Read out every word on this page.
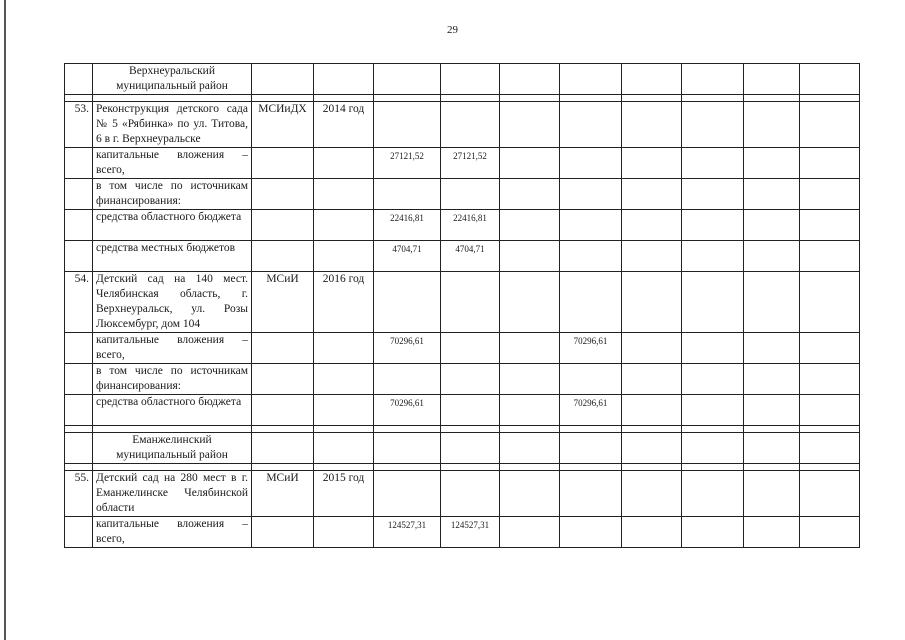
29
	Верхнеуральский муниципальный район										

53.	Реконструкция детского сада № 5 «Рябинка» по ул. Титова, 6 в г. Верхнеуральске	МСИиДХ	2014 год								
	капитальные вложения – всего,			27121,52	27121,52						
	в том числе по источникам финансирования:										
	средства областного бюджета			22416,81	22416,81						
	средства местных бюджетов			4704,71	4704,71						
54.	Детский сад на 140 мест. Челябинская область, г. Верхнеуральск, ул. Розы Люксембург, дом 104	МСиИ	2016 год								
	капитальные вложения – всего,			70296,61			70296,61				
	в том числе по источникам финансирования:										
	средства областного бюджета			70296,61			70296,61				

	Еманжелинский муниципальный район										

55.	Детский сад на 280 мест в г. Еманжелинске Челябинской области	МСиИ	2015 год								
	капитальные вложения – всего,			124527,31	124527,31						
